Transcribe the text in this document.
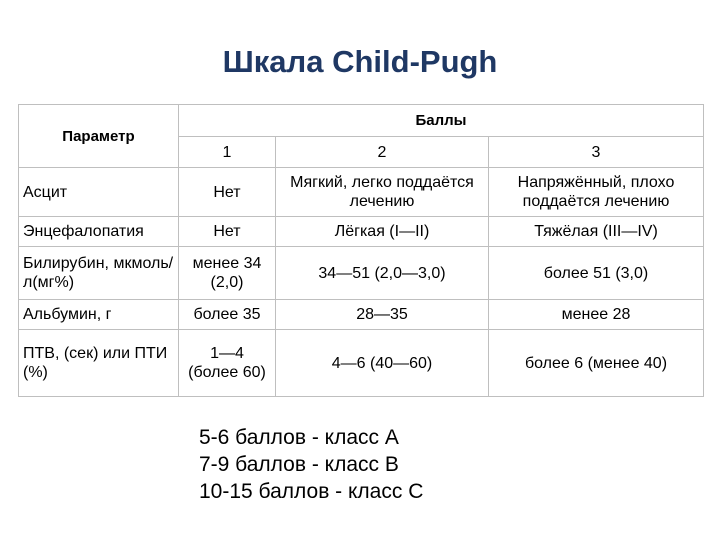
Шкала Child-Pugh
Параметр	Баллы		
	1	2	3
Асцит	Нет	Мягкий, легко поддаётся лечению	Напряжённый, плохо поддаётся лечению
Энцефалопатия	Нет	Лёгкая (I—II)	Тяжёлая (III—IV)
Билирубин, мкмоль/л(мг%)	менее 34 (2,0)	34—51 (2,0—3,0)	более 51 (3,0)
Альбумин, г	более 35	28—35	менее 28
ПТВ, (сек) или ПТИ (%)	1—4 (более 60)	4—6 (40—60)	более 6 (менее 40)
5-6 баллов - класс А
7-9 баллов - класс В
10-15 баллов - класс С
